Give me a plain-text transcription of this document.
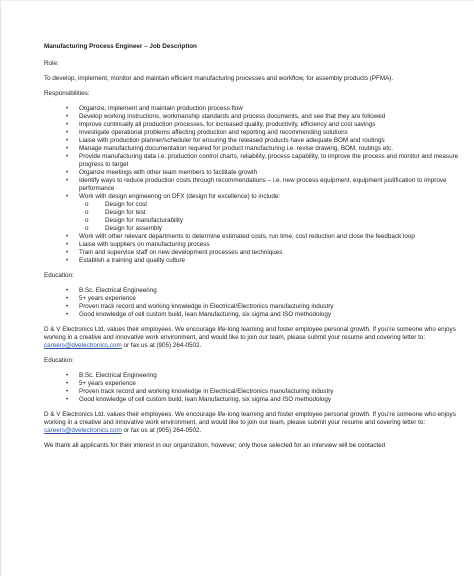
Manufacturing Process Engineer – Job Description
Role:
To develop, implement, monitor and maintain efficient manufacturing processes and workflow, for assembly products (PFMA).
Responsibilities:
• Organize, implement and maintain production process flow
• Develop working instructions, workmanship standards and process documents, and see that they are followed
• Improve continually all production processes, for increased quality, productivity, efficiency and cost savings
• Investigate operational problems affecting production and reporting and recommending solutions
• Liaise with production planner/scheduler for ensuring the released products have adequate BOM and routings
• Manage manufacturing documentation required for product manufacturing i.e. revise drawing, BOM, routings etc.
• Provide manufacturing data i.e. production control charts, reliability, process capability, to improve the process and monitor and measure progress to target
• Organize meetings with other team members to facilitate growth
• Identify ways to reduce production costs through recommendations – i.e. new process equipment, equipment justification to improve performance
• Work with design engineering on DFX (design for excellence) to include:
o	Design for cost
o	Design for test
o	Design for manufacturability
o	Design for assembly
• Work with other relevant departments to determine estimated costs, run time, cost reduction and close the feedback loop
• Liaise with suppliers on manufacturing process
• Train and supervise staff on new development processes and techniques
• Establish a training and quality culture
Education:
• B.Sc. Electrical Engineering
• 5+ years experience
• Proven track record and working knowledge in Electrical/Electronics manufacturing industry
• Good knowledge of cell custom build, lean Manufacturing, six sigma and ISO methodology
D & V Electronics Ltd. values their employees. We encourage life-long learning and foster employee personal growth. If you’re someone who enjoys working in a creative and innovative work environment, and would like to join our team, please submit your resume and covering letter to: careers@dvelectronics.com or fax us at (905) 264-0502.
Education:
• B.Sc. Electrical Engineering
• 5+ years experience
• Proven track record and working knowledge in Electrical/Electronics manufacturing industry
• Good knowledge of cell custom build, lean Manufacturing, six sigma and ISO methodology
D & V Electronics Ltd. values their employees. We encourage life-long learning and foster employee personal growth. If you’re someone who enjoys working in a creative and innovative work environment, and would like to join our team, please submit your resume and covering letter to: careers@dvelectronics.com or fax us at (905) 264-0502.
We thank all applicants for their interest in our organization, however; only those selected for an interview will be contacted
